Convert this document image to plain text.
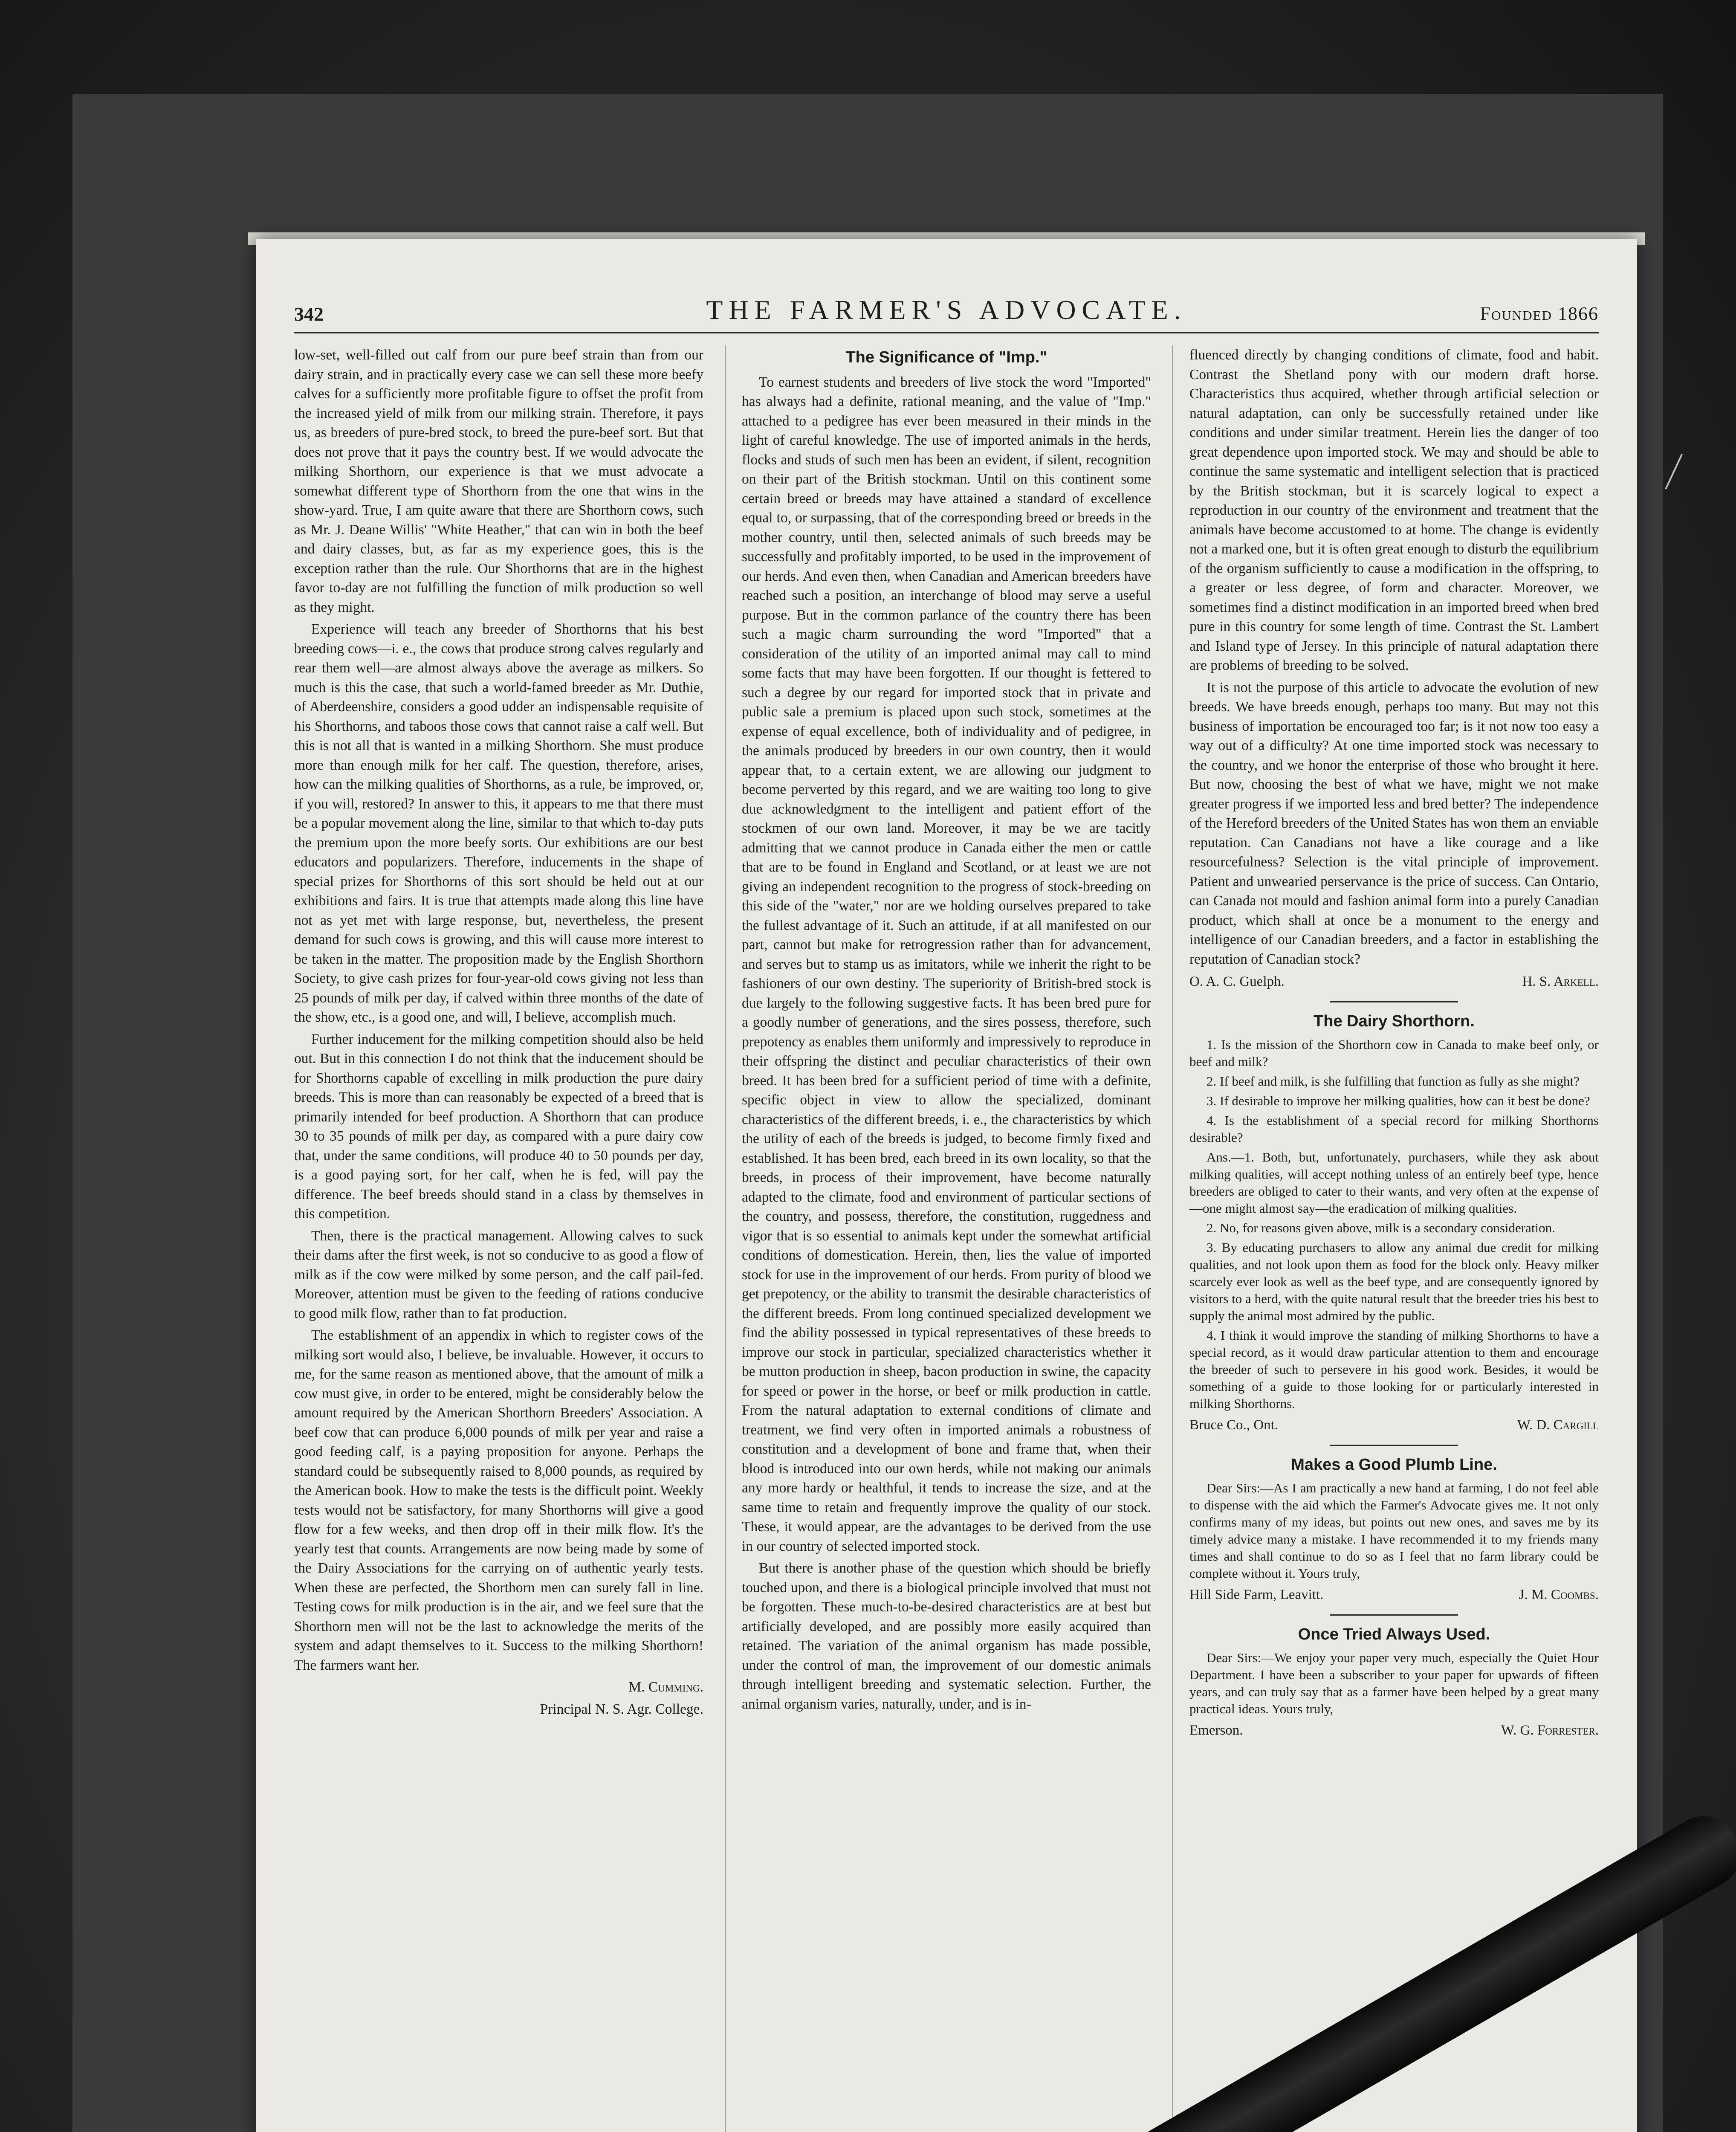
342	THE FARMER'S ADVOCATE.	Founded 1866

low-set, well-filled out calf from our pure beef strain than from our dairy strain, and in practically every case we can sell these more beefy calves for a sufficiently more profitable figure to offset the profit from the increased yield of milk from our milking strain. Therefore, it pays us, as breeders of pure-bred stock, to breed the pure-beef sort. But that does not prove that it pays the country best. If we would advocate the milking Shorthorn, our experience is that we must advocate a somewhat different type of Shorthorn from the one that wins in the show-yard. True, I am quite aware that there are Shorthorn cows, such as Mr. J. Deane Willis' "White Heather," that can win in both the beef and dairy classes, but, as far as my experience goes, this is the exception rather than the rule. Our Shorthorns that are in the highest favor to-day are not fulfilling the function of milk production so well as they might.

Experience will teach any breeder of Shorthorns that his best breeding cows—i. e., the cows that produce strong calves regularly and rear them well—are almost always above the average as milkers. So much is this the case, that such a world-famed breeder as Mr. Duthie, of Aberdeenshire, considers a good udder an indispensable requisite of his Shorthorns, and taboos those cows that cannot raise a calf well. But this is not all that is wanted in a milking Shorthorn. She must produce more than enough milk for her calf. The question, therefore, arises, how can the milking qualities of Shorthorns, as a rule, be improved, or, if you will, restored? In answer to this, it appears to me that there must be a popular movement along the line, similar to that which to-day puts the premium upon the more beefy sorts. Our exhibitions are our best educators and popularizers. Therefore, inducements in the shape of special prizes for Shorthorns of this sort should be held out at our exhibitions and fairs. It is true that attempts made along this line have not as yet met with large response, but, nevertheless, the present demand for such cows is growing, and this will cause more interest to be taken in the matter. The proposition made by the English Shorthorn Society, to give cash prizes for four-year-old cows giving not less than 25 pounds of milk per day, if calved within three months of the date of the show, etc., is a good one, and will, I believe, accomplish much.

Further inducement for the milking competition should also be held out. But in this connection I do not think that the inducement should be for Shorthorns capable of excelling in milk production the pure dairy breeds. This is more than can reasonably be expected of a breed that is primarily intended for beef production. A Shorthorn that can produce 30 to 35 pounds of milk per day, as compared with a pure dairy cow that, under the same conditions, will produce 40 to 50 pounds per day, is a good paying sort, for her calf, when he is fed, will pay the difference. The beef breeds should stand in a class by themselves in this competition.

Then, there is the practical management. Allowing calves to suck their dams after the first week, is not so conducive to as good a flow of milk as if the cow were milked by some person, and the calf pail-fed. Moreover, attention must be given to the feeding of rations conducive to good milk flow, rather than to fat production.

The establishment of an appendix in which to register cows of the milking sort would also, I believe, be invaluable. However, it occurs to me, for the same reason as mentioned above, that the amount of milk a cow must give, in order to be entered, might be considerably below the amount required by the American Shorthorn Breeders' Association. A beef cow that can produce 6,000 pounds of milk per year and raise a good feeding calf, is a paying proposition for anyone. Perhaps the standard could be subsequently raised to 8,000 pounds, as required by the American book. How to make the tests is the difficult point. Weekly tests would not be satisfactory, for many Shorthorns will give a good flow for a few weeks, and then drop off in their milk flow. It's the yearly test that counts. Arrangements are now being made by some of the Dairy Associations for the carrying on of authentic yearly tests. When these are perfected, the Shorthorn men can surely fall in line. Testing cows for milk production is in the air, and we feel sure that the Shorthorn men will not be the last to acknowledge the merits of the system and adapt themselves to it. Success to the milking Shorthorn! The farmers want her.

M. Cumming.

Principal N. S. Agr. College.

The Significance of "Imp."

To earnest students and breeders of live stock the word "Imported" has always had a definite, rational meaning, and the value of "Imp." attached to a pedigree has ever been measured in their minds in the light of careful knowledge. The use of imported animals in the herds, flocks and studs of such men has been an evident, if silent, recognition on their part of the British stockman. Until on this continent some certain breed or breeds may have attained a standard of excellence equal to, or surpassing, that of the corresponding breed or breeds in the mother country, until then, selected animals of such breeds may be successfully and profitably imported, to be used in the improvement of our herds. And even then, when Canadian and American breeders have reached such a position, an interchange of blood may serve a useful purpose. But in the common parlance of the country there has been such a magic charm surrounding the word "Imported" that a consideration of the utility of an imported animal may call to mind some facts that may have been forgotten. If our thought is fettered to such a degree by our regard for imported stock that in private and public sale a premium is placed upon such stock, sometimes at the expense of equal excellence, both of individuality and of pedigree, in the animals produced by breeders in our own country, then it would appear that, to a certain extent, we are allowing our judgment to become perverted by this regard, and we are waiting too long to give due acknowledgment to the intelligent and patient effort of the stockmen of our own land. Moreover, it may be we are tacitly admitting that we cannot produce in Canada either the men or cattle that are to be found in England and Scotland, or at least we are not giving an independent recognition to the progress of stock-breeding on this side of the "water," nor are we holding ourselves prepared to take the fullest advantage of it. Such an attitude, if at all manifested on our part, cannot but make for retrogression rather than for advancement, and serves but to stamp us as imitators, while we inherit the right to be fashioners of our own destiny. The superiority of British-bred stock is due largely to the following suggestive facts. It has been bred pure for a goodly number of generations, and the sires possess, therefore, such prepotency as enables them uniformly and impressively to reproduce in their offspring the distinct and peculiar characteristics of their own breed. It has been bred for a sufficient period of time with a definite, specific object in view to allow the specialized, dominant characteristics of the different breeds, i. e., the characteristics by which the utility of each of the breeds is judged, to become firmly fixed and established. It has been bred, each breed in its own locality, so that the breeds, in process of their improvement, have become naturally adapted to the climate, food and environment of particular sections of the country, and possess, therefore, the constitution, ruggedness and vigor that is so essential to animals kept under the somewhat artificial conditions of domestication. Herein, then, lies the value of imported stock for use in the improvement of our herds. From purity of blood we get prepotency, or the ability to transmit the desirable characteristics of the different breeds. From long continued specialized development we find the ability possessed in typical representatives of these breeds to improve our stock in particular, specialized characteristics whether it be mutton production in sheep, bacon production in swine, the capacity for speed or power in the horse, or beef or milk production in cattle. From the natural adaptation to external conditions of climate and treatment, we find very often in imported animals a robustness of constitution and a development of bone and frame that, when their blood is introduced into our own herds, while not making our animals any more hardy or healthful, it tends to increase the size, and at the same time to retain and frequently improve the quality of our stock. These, it would appear, are the advantages to be derived from the use in our country of selected imported stock.

But there is another phase of the question which should be briefly touched upon, and there is a biological principle involved that must not be forgotten. These much-to-be-desired characteristics are at best but artificially developed, and are possibly more easily acquired than retained. The variation of the animal organism has made possible, under the control of man, the improvement of our domestic animals through intelligent breeding and systematic selection. Further, the animal organism varies, naturally, under, and is in-

fluenced directly by changing conditions of climate, food and habit. Contrast the Shetland pony with our modern draft horse. Characteristics thus acquired, whether through artificial selection or natural adaptation, can only be successfully retained under like conditions and under similar treatment. Herein lies the danger of too great dependence upon imported stock. We may and should be able to continue the same systematic and intelligent selection that is practiced by the British stockman, but it is scarcely logical to expect a reproduction in our country of the environment and treatment that the animals have become accustomed to at home. The change is evidently not a marked one, but it is often great enough to disturb the equilibrium of the organism sufficiently to cause a modification in the offspring, to a greater or less degree, of form and character. Moreover, we sometimes find a distinct modification in an imported breed when bred pure in this country for some length of time. Contrast the St. Lambert and Island type of Jersey. In this principle of natural adaptation there are problems of breeding to be solved.

It is not the purpose of this article to advocate the evolution of new breeds. We have breeds enough, perhaps too many. But may not this business of importation be encouraged too far; is it not now too easy a way out of a difficulty? At one time imported stock was necessary to the country, and we honor the enterprise of those who brought it here. But now, choosing the best of what we have, might we not make greater progress if we imported less and bred better? The independence of the Hereford breeders of the United States has won them an enviable reputation. Can Canadians not have a like courage and a like resourcefulness? Selection is the vital principle of improvement. Patient and unwearied perservance is the price of success. Can Ontario, can Canada not mould and fashion animal form into a purely Canadian product, which shall at once be a monument to the energy and intelligence of our Canadian breeders, and a factor in establishing the reputation of Canadian stock?

O. A. C. Guelph.	H. S. Arkell.
The Dairy Shorthorn.

1. Is the mission of the Shorthorn cow in Canada to make beef only, or beef and milk?

2. If beef and milk, is she fulfilling that function as fully as she might?

3. If desirable to improve her milking qualities, how can it best be done?

4. Is the establishment of a special record for milking Shorthorns desirable?

Ans.—1. Both, but, unfortunately, purchasers, while they ask about milking qualities, will accept nothing unless of an entirely beef type, hence breeders are obliged to cater to their wants, and very often at the expense of—one might almost say—the eradication of milking qualities.

2. No, for reasons given above, milk is a secondary consideration.

3. By educating purchasers to allow any animal due credit for milking qualities, and not look upon them as food for the block only. Heavy milker scarcely ever look as well as the beef type, and are consequently ignored by visitors to a herd, with the quite natural result that the breeder tries his best to supply the animal most admired by the public.

4. I think it would improve the standing of milking Shorthorns to have a special record, as it would draw particular attention to them and encourage the breeder of such to persevere in his good work. Besides, it would be something of a guide to those looking for or particularly interested in milking Shorthorns.

Bruce Co., Ont.	W. D. Cargill
Makes a Good Plumb Line.

Dear Sirs:—As I am practically a new hand at farming, I do not feel able to dispense with the aid which the Farmer's Advocate gives me. It not only confirms many of my ideas, but points out new ones, and saves me by its timely advice many a mistake. I have recommended it to my friends many times and shall continue to do so as I feel that no farm library could be complete without it. Yours truly,

Hill Side Farm, Leavitt.	J. M. Coombs.
Once Tried Always Used.

Dear Sirs:—We enjoy your paper very much, especially the Quiet Hour Department. I have been a subscriber to your paper for upwards of fifteen years, and can truly say that as a farmer have been helped by a great many practical ideas. Yours truly,

Emerson.	W. G. Forrester.
